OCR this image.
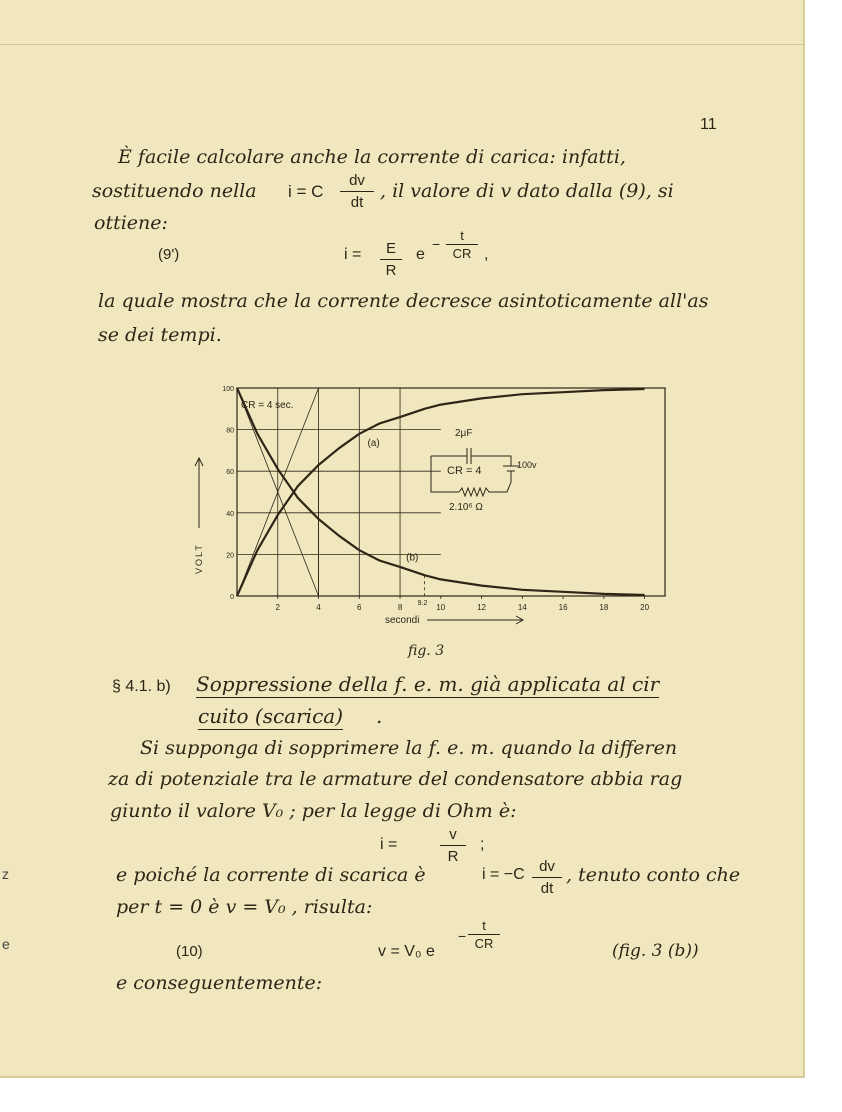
z
e
11
È facile calcolare anche la corrente di carica: infatti,
sostituendo nella i = C
dv
dt
, il valore di v dato dalla (9), si
ottiene:
(9')	i =	E
R
e
−
t
CR ,
la quale mostra che la corrente decresce asintoticamente all'as
se dei tempi.
2	4	6	8	10	12	14	16	18	20
9.2
0
20
40
60
80
100
CR = 4 sec.
VOLT
secondi
(a)
(b)
2μF
CR = 4	100v
2.10⁶ Ω
fig. 3
§ 4.1. b) Soppressione della f. e. m. già applicata al cir
cuito (scarica) .
Si supponga di sopprimere la f. e. m. quando la differen
za di potenziale tra le armature del condensatore abbia rag
giunto il valore V₀ ; per la legge di Ohm è:
i =
v
R
;
e poiché la corrente di scarica è	i = −C dv
dt
, tenuto conto che
per t = 0 è v = V₀ , risulta:
(10)	v = V₀ e
−
t
CR	(fig. 3 (b))
e conseguentemente:
